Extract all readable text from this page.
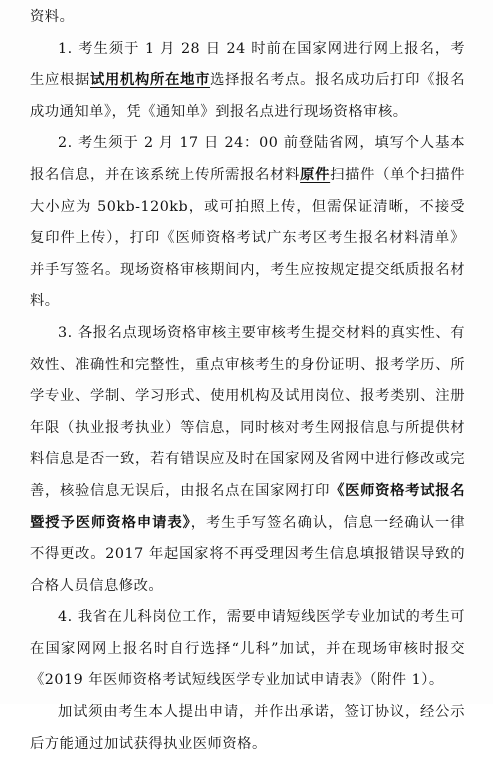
资料。

1. 考生须于 1 月 28 日 24 时前在国家网进行网上报名，考生应根据试用机构所在地市选择报名考点。报名成功后打印《报名成功通知单》，凭《通知单》到报名点进行现场资格审核。

2. 考生须于 2 月 17 日 24：00 前登陆省网，填写个人基本报名信息，并在该系统上传所需报名材料原件扫描件（单个扫描件大小应为 50kb-120kb，或可拍照上传，但需保证清晰，不接受复印件上传），打印《医师资格考试广东考区考生报名材料清单》并手写签名。现场资格审核期间内，考生应按规定提交纸质报名材料。

3. 各报名点现场资格审核主要审核考生提交材料的真实性、有效性、准确性和完整性，重点审核考生的身份证明、报考学历、所学专业、学制、学习形式、使用机构及试用岗位、报考类别、注册年限（执业报考执业）等信息，同时核对考生网报信息与所提供材料信息是否一致，若有错误应及时在国家网及省网中进行修改或完善，核验信息无误后，由报名点在国家网打印《医师资格考试报名暨授予医师资格申请表》，考生手写签名确认，信息一经确认一律不得更改。2017 年起国家将不再受理因考生信息填报错误导致的合格人员信息修改。

4. 我省在儿科岗位工作，需要申请短线医学专业加试的考生可在国家网网上报名时自行选择“儿科”加试，并在现场审核时报交《2019 年医师资格考试短线医学专业加试申请表》（附件 1）。

加试须由考生本人提出申请，并作出承诺，签订协议，经公示后方能通过加试获得执业医师资格。
